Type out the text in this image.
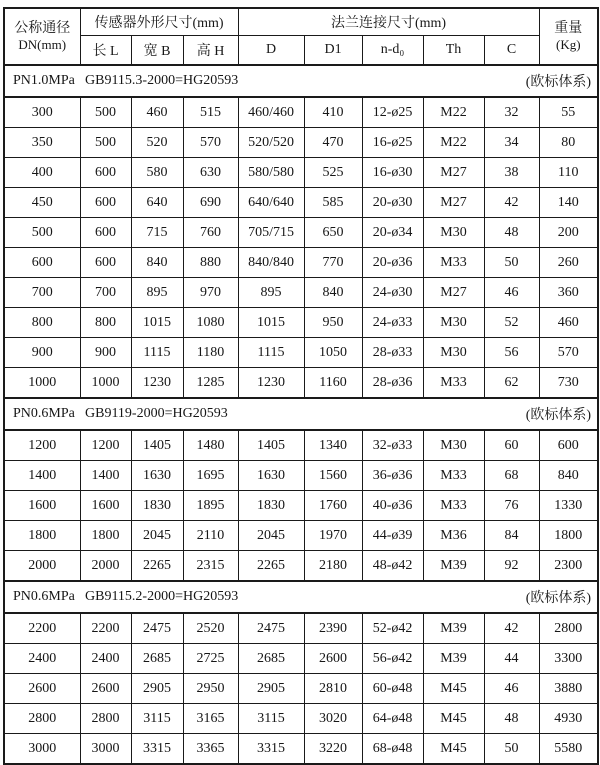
公称通径
DN(mm)
	传感器外形尺寸(mm)	法兰连接尺寸(mm)	重量
(Kg)

	长 L	宽 B	高 H	D	D1	n-d₀	Th	C	

PN1.0MPa GB9115.3-2000=HG20593 (欧标体系)									

300	500	460	515	460/460	410	12-ø25	M22	32	55
350	500	520	570	520/520	470	16-ø25	M22	34	80
400	600	580	630	580/580	525	16-ø30	M27	38	110
450	600	640	690	640/640	585	20-ø30	M27	42	140
500	600	715	760	705/715	650	20-ø34	M30	48	200
600	600	840	880	840/840	770	20-ø36	M33	50	260
700	700	895	970	895	840	24-ø30	M27	46	360
800	800	1015	1080	1015	950	24-ø33	M30	52	460
900	900	1115	1180	1115	1050	28-ø33	M30	56	570
1000	1000	1230	1285	1230	1160	28-ø36	M33	62	730

PN0.6MPa GB9119-2000=HG20593 (欧标体系)									

1200	1200	1405	1480	1405	1340	32-ø33	M30	60	600
1400	1400	1630	1695	1630	1560	36-ø36	M33	68	840
1600	1600	1830	1895	1830	1760	40-ø36	M33	76	1330
1800	1800	2045	2110	2045	1970	44-ø39	M36	84	1800
2000	2000	2265	2315	2265	2180	48-ø42	M39	92	2300

PN0.6MPa GB9115.2-2000=HG20593 (欧标体系)									

2200	2200	2475	2520	2475	2390	52-ø42	M39	42	2800
2400	2400	2685	2725	2685	2600	56-ø42	M39	44	3300
2600	2600	2905	2950	2905	2810	60-ø48	M45	46	3880
2800	2800	3115	3165	3115	3020	64-ø48	M45	48	4930
3000	3000	3315	3365	3315	3220	68-ø48	M45	50	5580
